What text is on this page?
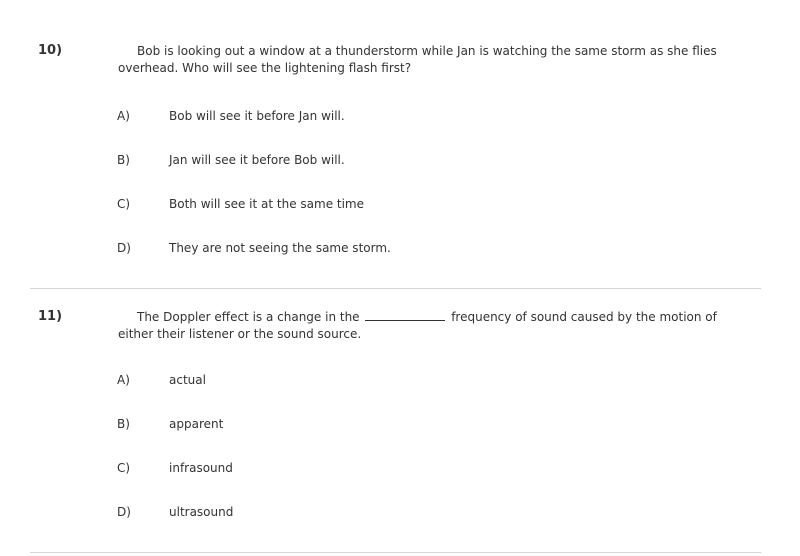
10)	Bob is looking out a window at a thunderstorm while Jan is watching the same storm as she flies overhead. Who will see the lightening flash first?
A)	Bob will see it before Jan will.
B)	Jan will see it before Bob will.
C)	Both will see it at the same time
D)	They are not seeing the same storm.
11)	The Doppler effect is a change in the	frequency of sound caused by the motion of either their listener or the sound source.
A)	actual
B)	apparent
C)	infrasound
D)	ultrasound
